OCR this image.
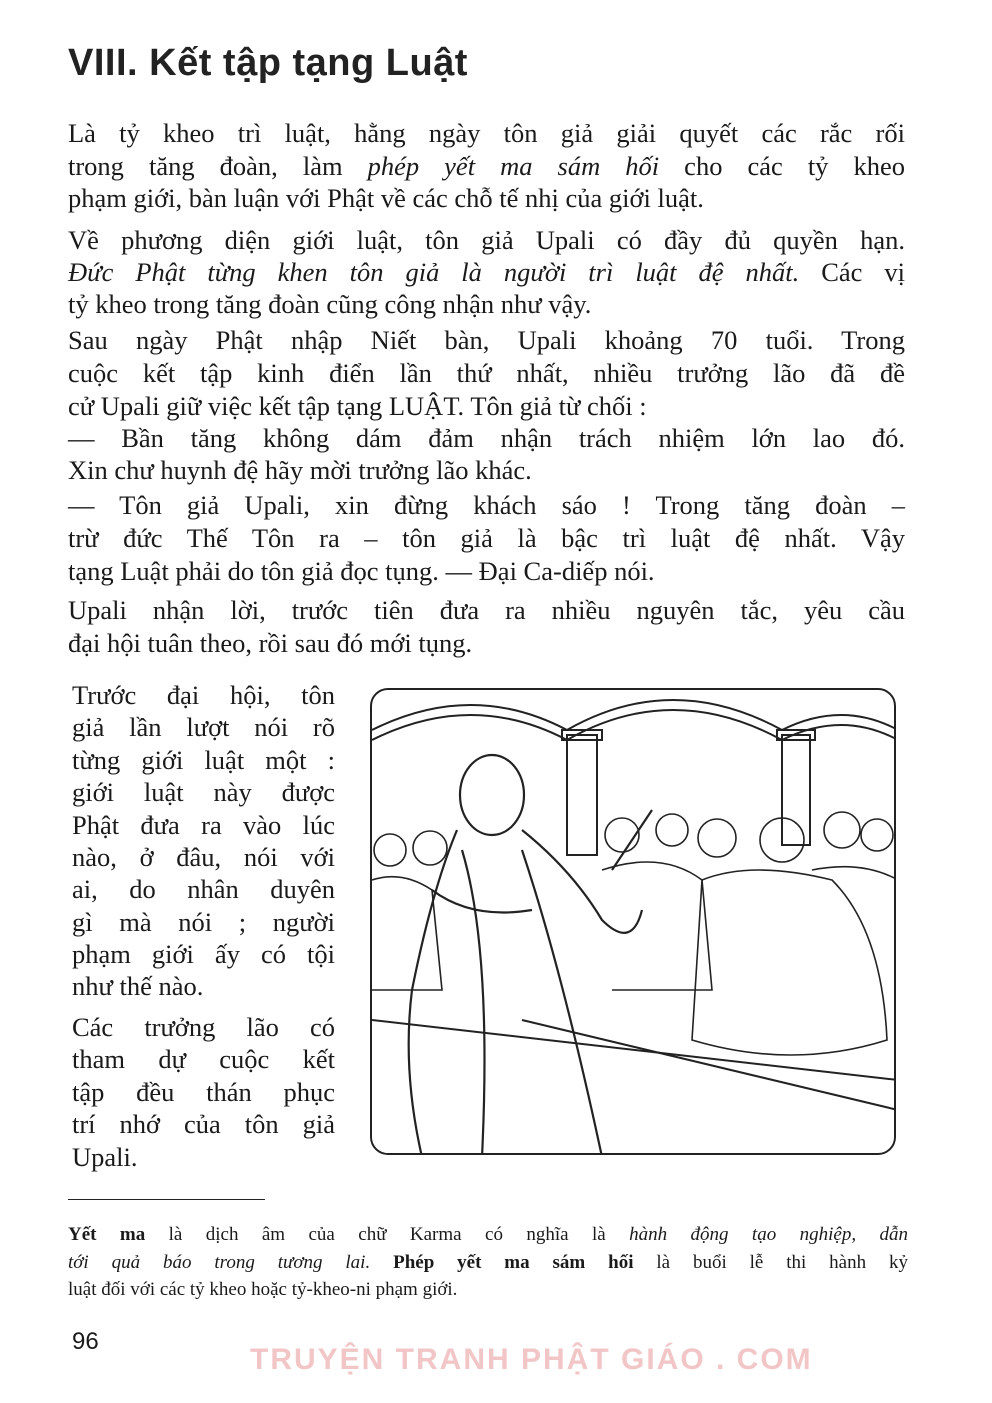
VIII. Kết tập tạng Luật
Là tỷ kheo trì luật, hằng ngày tôn giả giải quyết các rắc rối
trong tăng đoàn, làm phép yết ma sám hối cho các tỷ kheo
phạm giới, bàn luận với Phật về các chỗ tế nhị của giới luật.
Về phương diện giới luật, tôn giả Upali có đầy đủ quyền hạn.
Đức Phật từng khen tôn giả là người trì luật đệ nhất. Các vị
tỷ kheo trong tăng đoàn cũng công nhận như vậy.
Sau ngày Phật nhập Niết bàn, Upali khoảng 70 tuổi. Trong
cuộc kết tập kinh điển lần thứ nhất, nhiều trưởng lão đã đề
cử Upali giữ việc kết tập tạng LUẬT. Tôn giả từ chối :
— Bần tăng không dám đảm nhận trách nhiệm lớn lao đó.
Xin chư huynh đệ hãy mời trưởng lão khác.
— Tôn giả Upali, xin đừng khách sáo ! Trong tăng đoàn –
trừ đức Thế Tôn ra – tôn giả là bậc trì luật đệ nhất. Vậy
tạng Luật phải do tôn giả đọc tụng. — Đại Ca-diếp nói.
Upali nhận lời, trước tiên đưa ra nhiều nguyên tắc, yêu cầu
đại hội tuân theo, rồi sau đó mới tụng.
Trước đại hội, tôn
giả lần lượt nói rõ
từng giới luật một :
giới luật này được
Phật đưa ra vào lúc
nào, ở đâu, nói với
ai, do nhân duyên
gì mà nói ; người
phạm giới ấy có tội
như thế nào.
Các trưởng lão có
tham dự cuộc kết
tập đều thán phục
trí nhớ của tôn giả
Upali.
Yết ma là dịch âm của chữ Karma có nghĩa là hành động tạo nghiệp, dẫn
tới quả báo trong tương lai. Phép yết ma sám hối là buổi lễ thi hành kỷ
luật đối với các tỷ kheo hoặc tỷ-kheo-ni phạm giới.
96
TRUYỆN TRANH PHẬT GIÁO . COM
